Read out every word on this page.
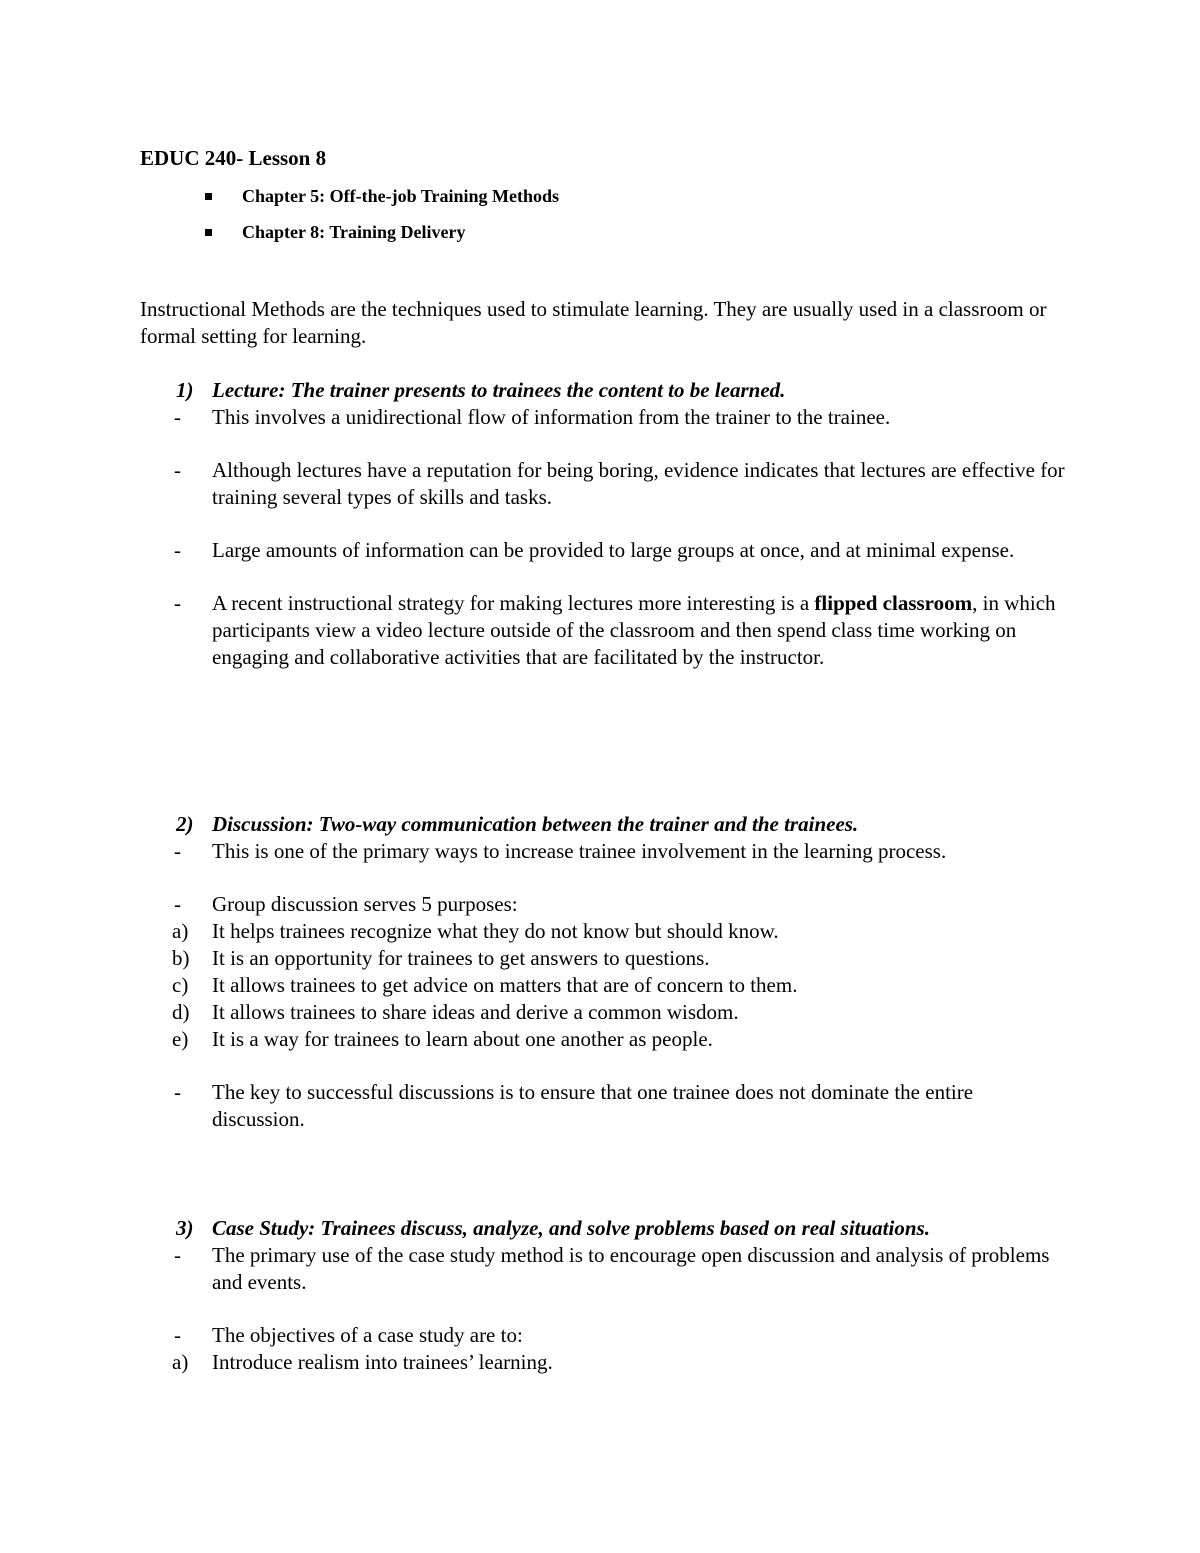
EDUC 240- Lesson 8
Chapter 5: Off-the-job Training Methods
Chapter 8: Training Delivery
Instructional Methods are the techniques used to stimulate learning. They are usually used in a classroom or formal setting for learning.
1) Lecture: The trainer presents to trainees the content to be learned.
- This involves a unidirectional flow of information from the trainer to the trainee.
- Although lectures have a reputation for being boring, evidence indicates that lectures are effective for training several types of skills and tasks.
- Large amounts of information can be provided to large groups at once, and at minimal expense.
- A recent instructional strategy for making lectures more interesting is a flipped classroom, in which participants view a video lecture outside of the classroom and then spend class time working on engaging and collaborative activities that are facilitated by the instructor.
2) Discussion: Two-way communication between the trainer and the trainees.
- This is one of the primary ways to increase trainee involvement in the learning process.
- Group discussion serves 5 purposes:
a) It helps trainees recognize what they do not know but should know.
b) It is an opportunity for trainees to get answers to questions.
c) It allows trainees to get advice on matters that are of concern to them.
d) It allows trainees to share ideas and derive a common wisdom.
e) It is a way for trainees to learn about one another as people.
- The key to successful discussions is to ensure that one trainee does not dominate the entire discussion.
3) Case Study: Trainees discuss, analyze, and solve problems based on real situations.
- The primary use of the case study method is to encourage open discussion and analysis of problems and events.
- The objectives of a case study are to:
a) Introduce realism into trainees’ learning.
